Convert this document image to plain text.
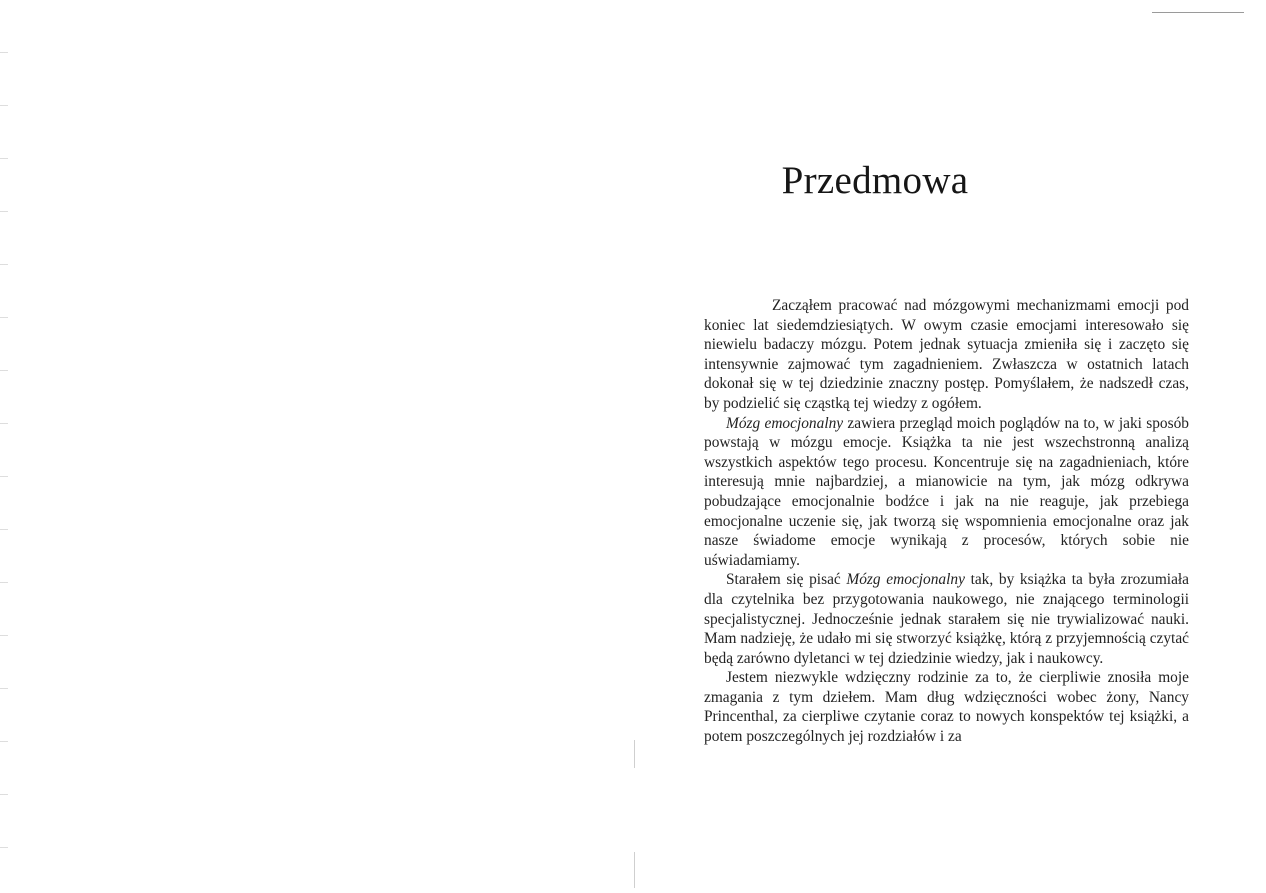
Przedmowa

Zacząłem pracować nad mózgowymi mechanizmami emocji pod koniec lat siedemdziesiątych. W owym czasie emocjami interesowało się niewielu badaczy mózgu. Potem jednak sytuacja zmieniła się i zaczęto się intensywnie zajmować tym zagadnieniem. Zwłaszcza w ostatnich latach dokonał się w tej dziedzinie znaczny postęp. Pomyślałem, że nadszedł czas, by podzielić się cząstką tej wiedzy z ogółem.

Mózg emocjonalny zawiera przegląd moich poglądów na to, w jaki sposób powstają w mózgu emocje. Książka ta nie jest wszechstronną analizą wszystkich aspektów tego procesu. Koncentruje się na zagadnieniach, które interesują mnie najbardziej, a mianowicie na tym, jak mózg odkrywa pobudzające emocjonalnie bodźce i jak na nie reaguje, jak przebiega emocjonalne uczenie się, jak tworzą się wspomnienia emocjonalne oraz jak nasze świadome emocje wynikają z procesów, których sobie nie uświadamiamy.

Starałem się pisać Mózg emocjonalny tak, by książka ta była zrozumiała dla czytelnika bez przygotowania naukowego, nie znającego terminologii specjalistycznej. Jednocześnie jednak starałem się nie trywializować nauki. Mam nadzieję, że udało mi się stworzyć książkę, którą z przyjemnością czytać będą zarówno dyletanci w tej dziedzinie wiedzy, jak i naukowcy.

Jestem niezwykle wdzięczny rodzinie za to, że cierpliwie znosiła moje zmagania z tym dziełem. Mam dług wdzięczności wobec żony, Nancy Princenthal, za cierpliwe czytanie coraz to nowych konspektów tej książki, a potem poszczególnych jej rozdziałów i za
